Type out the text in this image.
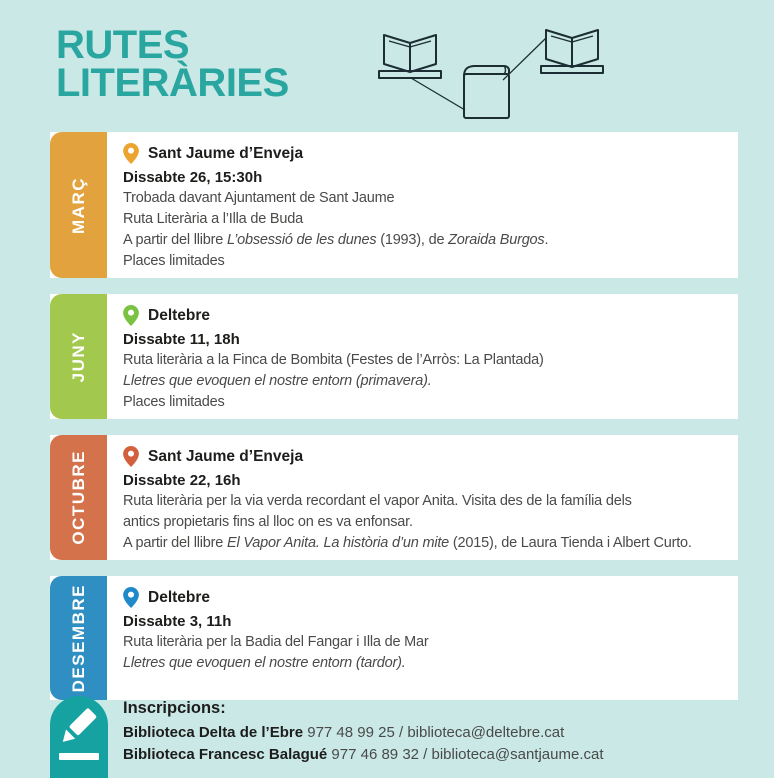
RUTES
LITERÀRIES
MARÇ
Sant Jaume d’Enveja
Dissabte 26, 15:30h
Trobada davant Ajuntament de Sant Jaume
Ruta Literària a l’Illa de Buda
A partir del llibre L’obsessió de les dunes (1993), de Zoraida Burgos.
Places limitades
JUNY
Deltebre
Dissabte 11, 18h
Ruta literària a la Finca de Bombita (Festes de l’Arròs: La Plantada)
Lletres que evoquen el nostre entorn (primavera).
Places limitades
OCTUBRE	Sant Jaume d’Enveja
Dissabte 22, 16h
Ruta literària per la via verda recordant el vapor Anita. Visita des de la família dels
antics propietaris fins al lloc on es va enfonsar.
A partir del llibre El Vapor Anita. La història d’un mite (2015), de Laura Tienda i Albert Curto.
DESEMBRE	Deltebre
Dissabte 3, 11h
Ruta literària per la Badia del Fangar i Illa de Mar
Lletres que evoquen el nostre entorn (tardor).
Inscripcions:
Biblioteca Delta de l’Ebre 977 48 99 25 / biblioteca@deltebre.cat
Biblioteca Francesc Balagué 977 46 89 32 / biblioteca@santjaume.cat
